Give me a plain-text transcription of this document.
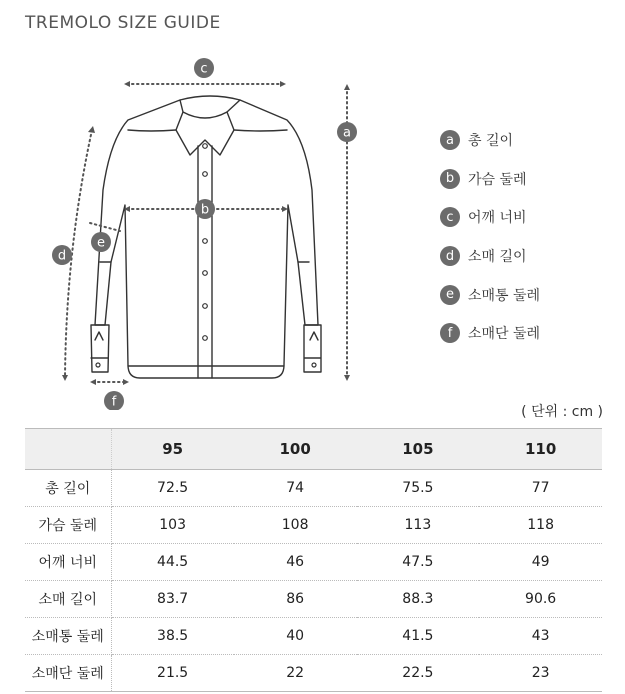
TREMOLO SIZE GUIDE
c
a
b
d
e
f
a	총 길이
b 가슴 둘레
c	어깨 너비
d 소매 길이
e	소매통 둘레
f	소매단 둘레
( 단위 : cm )
	95	100	105	110
총 길이	72.5	74	75.5	77
가슴 둘레	103	108	113	118
어깨 너비	44.5	46	47.5	49
소매 길이	83.7	86	88.3	90.6
소매통 둘레	38.5	40	41.5	43
소매단 둘레	21.5	22	22.5	23
